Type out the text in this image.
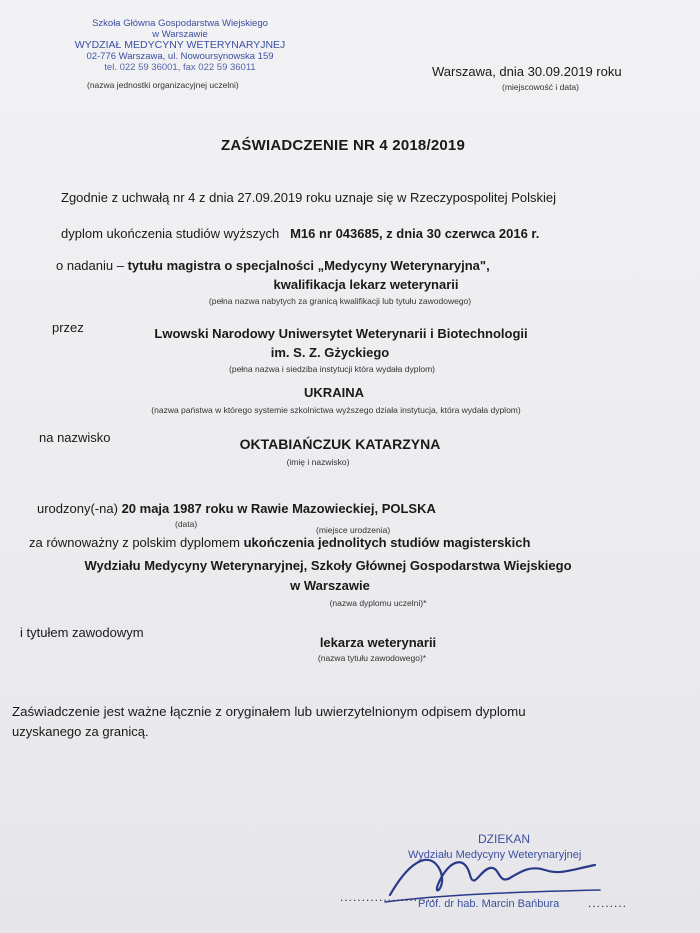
Szkoła Główna Gospodarstwa Wiejskiego
w Warszawie
WYDZIAŁ MEDYCYNY WETERYNARYJNEJ
02-776 Warszawa, ul. Nowoursynowska 159
tel. 022 59 36001, fax 022 59 36011
(nazwa jednostki organizacyjnej uczelni)
Warszawa, dnia 30.09.2019 roku
(miejscowość i data)
ZAŚWIADCZENIE NR 4 2018/2019
Zgodnie z uchwałą nr 4 z dnia 27.09.2019 roku uznaje się w Rzeczypospolitej Polskiej
dyplom ukończenia studiów wyższych M16 nr 043685, z dnia 30 czerwca 2016 r.
o nadaniu – tytułu magistra o specjalności „Medycyny Weterynaryjna",
kwalifikacja lekarz weterynarii
(pełna nazwa nabytych za granicą kwalifikacji lub tytułu zawodowego)
przez	Lwowski Narodowy Uniwersytet Weterynarii i Biotechnologii
im. S. Z. Gżyckiego
(pełna nazwa i siedziba instytucji która wydała dyplom)
UKRAINA
(nazwa państwa w którego systemie szkolnictwa wyższego działa instytucja, która wydała dyplom)
na nazwisko	OKTABIAŃCZUK KATARZYNA
(imię i nazwisko)
urodzony(-na) 20 maja 1987 roku w Rawie Mazowieckiej, POLSKA
(data)
(miejsce urodzenia)
za równoważny z polskim dyplomem ukończenia jednolitych studiów magisterskich
Wydziału Medycyny Weterynaryjnej, Szkoły Głównej Gospodarstwa Wiejskiego
w Warszawie
(nazwa dyplomu uczelni)*
i tytułem zawodowym
lekarza weterynarii
(nazwa tytułu zawodowego)*
Zaświadczenie jest ważne łącznie z oryginałem lub uwierzytelnionym odpisem dyplomu
uzyskanego za granicą.
DZIEKAN
Wydziału Medycyny Weterynaryjnej
......................
Prof. dr hab. Marcin Bańbura .........
